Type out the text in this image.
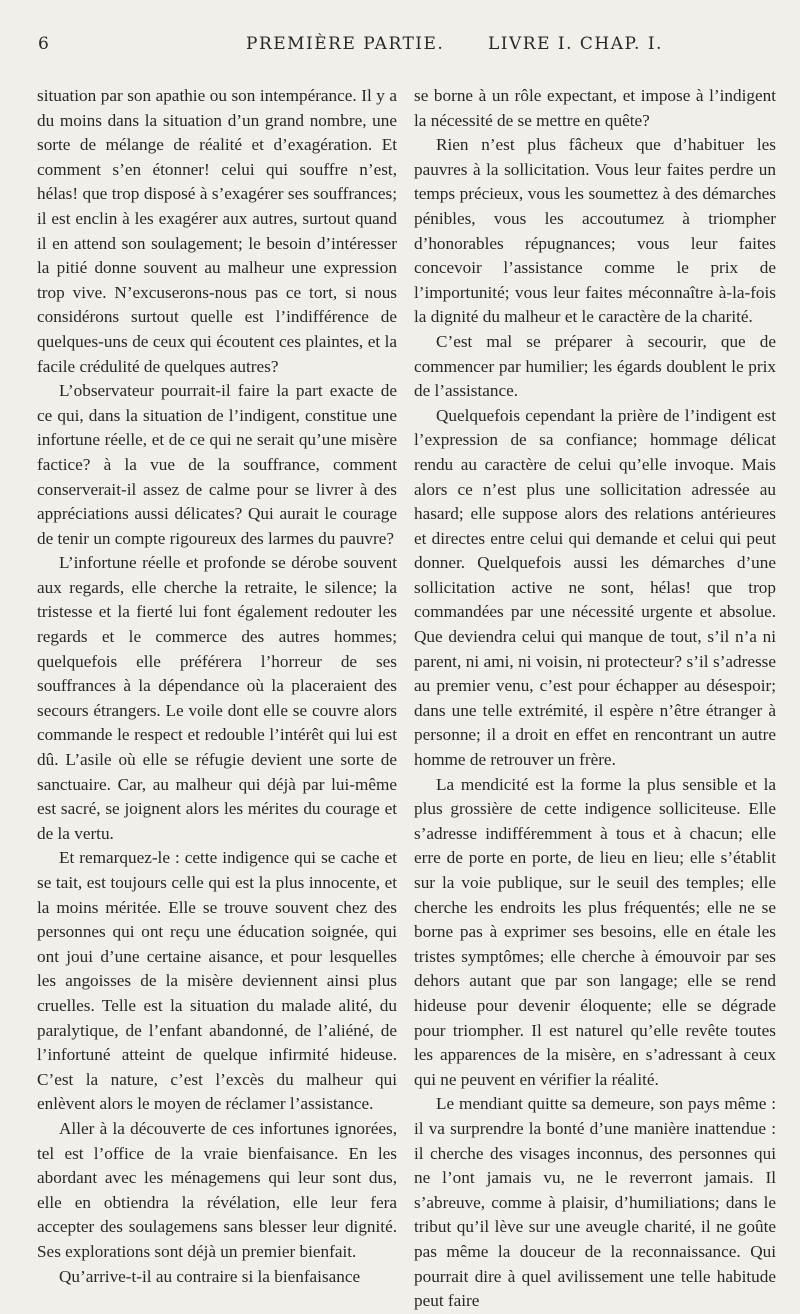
6	PREMIÈRE PARTIE.	LIVRE I. CHAP. I.

situation par son apathie ou son intempérance. Il y a du moins dans la situation d’un grand nombre, une sorte de mélange de réalité et d’exagération. Et comment s’en étonner! celui qui souffre n’est, hélas! que trop disposé à s’exagérer ses souffrances; il est enclin à les exagérer aux autres, surtout quand il en attend son soulagement; le besoin d’intéresser la pitié donne souvent au malheur une expression trop vive. N’excuserons-nous pas ce tort, si nous considérons surtout quelle est l’indifférence de quelques-uns de ceux qui écoutent ces plaintes, et la facile crédulité de quelques autres?

L’observateur pourrait-il faire la part exacte de ce qui, dans la situation de l’indigent, constitue une infortune réelle, et de ce qui ne serait qu’une misère factice? à la vue de la souffrance, comment conserverait-il assez de calme pour se livrer à des appréciations aussi délicates? Qui aurait le courage de tenir un compte rigoureux des larmes du pauvre?

L’infortune réelle et profonde se dérobe souvent aux regards, elle cherche la retraite, le silence; la tristesse et la fierté lui font également redouter les regards et le commerce des autres hommes; quelquefois elle préférera l’horreur de ses souffrances à la dépendance où la placeraient des secours étrangers. Le voile dont elle se couvre alors commande le respect et redouble l’intérêt qui lui est dû. L’asile où elle se réfugie devient une sorte de sanctuaire. Car, au malheur qui déjà par lui-même est sacré, se joignent alors les mérites du courage et de la vertu.

Et remarquez-le : cette indigence qui se cache et se tait, est toujours celle qui est la plus innocente, et la moins méritée. Elle se trouve souvent chez des personnes qui ont reçu une éducation soignée, qui ont joui d’une certaine aisance, et pour lesquelles les angoisses de la misère deviennent ainsi plus cruelles. Telle est la situation du malade alité, du paralytique, de l’enfant abandonné, de l’aliéné, de l’infortuné atteint de quelque infirmité hideuse. C’est la nature, c’est l’excès du malheur qui enlèvent alors le moyen de réclamer l’assistance.

Aller à la découverte de ces infortunes ignorées, tel est l’office de la vraie bienfaisance. En les abordant avec les ménagemens qui leur sont dus, elle en obtiendra la révélation, elle leur fera accepter des soulagemens sans blesser leur dignité. Ses explorations sont déjà un premier bienfait.

Qu’arrive-t-il au contraire si la bienfaisance

se borne à un rôle expectant, et impose à l’indigent la nécessité de se mettre en quête?

Rien n’est plus fâcheux que d’habituer les pauvres à la sollicitation. Vous leur faites perdre un temps précieux, vous les soumettez à des démarches pénibles, vous les accoutumez à triompher d’honorables répugnances; vous leur faites concevoir l’assistance comme le prix de l’importunité; vous leur faites méconnaître à-la-fois la dignité du malheur et le caractère de la charité.

C’est mal se préparer à secourir, que de commencer par humilier; les égards doublent le prix de l’assistance.

Quelquefois cependant la prière de l’indigent est l’expression de sa confiance; hommage délicat rendu au caractère de celui qu’elle invoque. Mais alors ce n’est plus une sollicitation adressée au hasard; elle suppose alors des relations antérieures et directes entre celui qui demande et celui qui peut donner. Quelquefois aussi les démarches d’une sollicitation active ne sont, hélas! que trop commandées par une nécessité urgente et absolue. Que deviendra celui qui manque de tout, s’il n’a ni parent, ni ami, ni voisin, ni protecteur? s’il s’adresse au premier venu, c’est pour échapper au désespoir; dans une telle extrémité, il espère n’être étranger à personne; il a droit en effet en rencontrant un autre homme de retrouver un frère.

La mendicité est la forme la plus sensible et la plus grossière de cette indigence solliciteuse. Elle s’adresse indifféremment à tous et à chacun; elle erre de porte en porte, de lieu en lieu; elle s’établit sur la voie publique, sur le seuil des temples; elle cherche les endroits les plus fréquentés; elle ne se borne pas à exprimer ses besoins, elle en étale les tristes symptômes; elle cherche à émouvoir par ses dehors autant que par son langage; elle se rend hideuse pour devenir éloquente; elle se dégrade pour triompher. Il est naturel qu’elle revête toutes les apparences de la misère, en s’adressant à ceux qui ne peuvent en vérifier la réalité.

Le mendiant quitte sa demeure, son pays même : il va surprendre la bonté d’une manière inattendue : il cherche des visages inconnus, des personnes qui ne l’ont jamais vu, ne le reverront jamais. Il s’abreuve, comme à plaisir, d’humiliations; dans le tribut qu’il lève sur une aveugle charité, il ne goûte pas même la douceur de la reconnaissance. Qui pourrait dire à quel avilissement une telle habitude peut faire
